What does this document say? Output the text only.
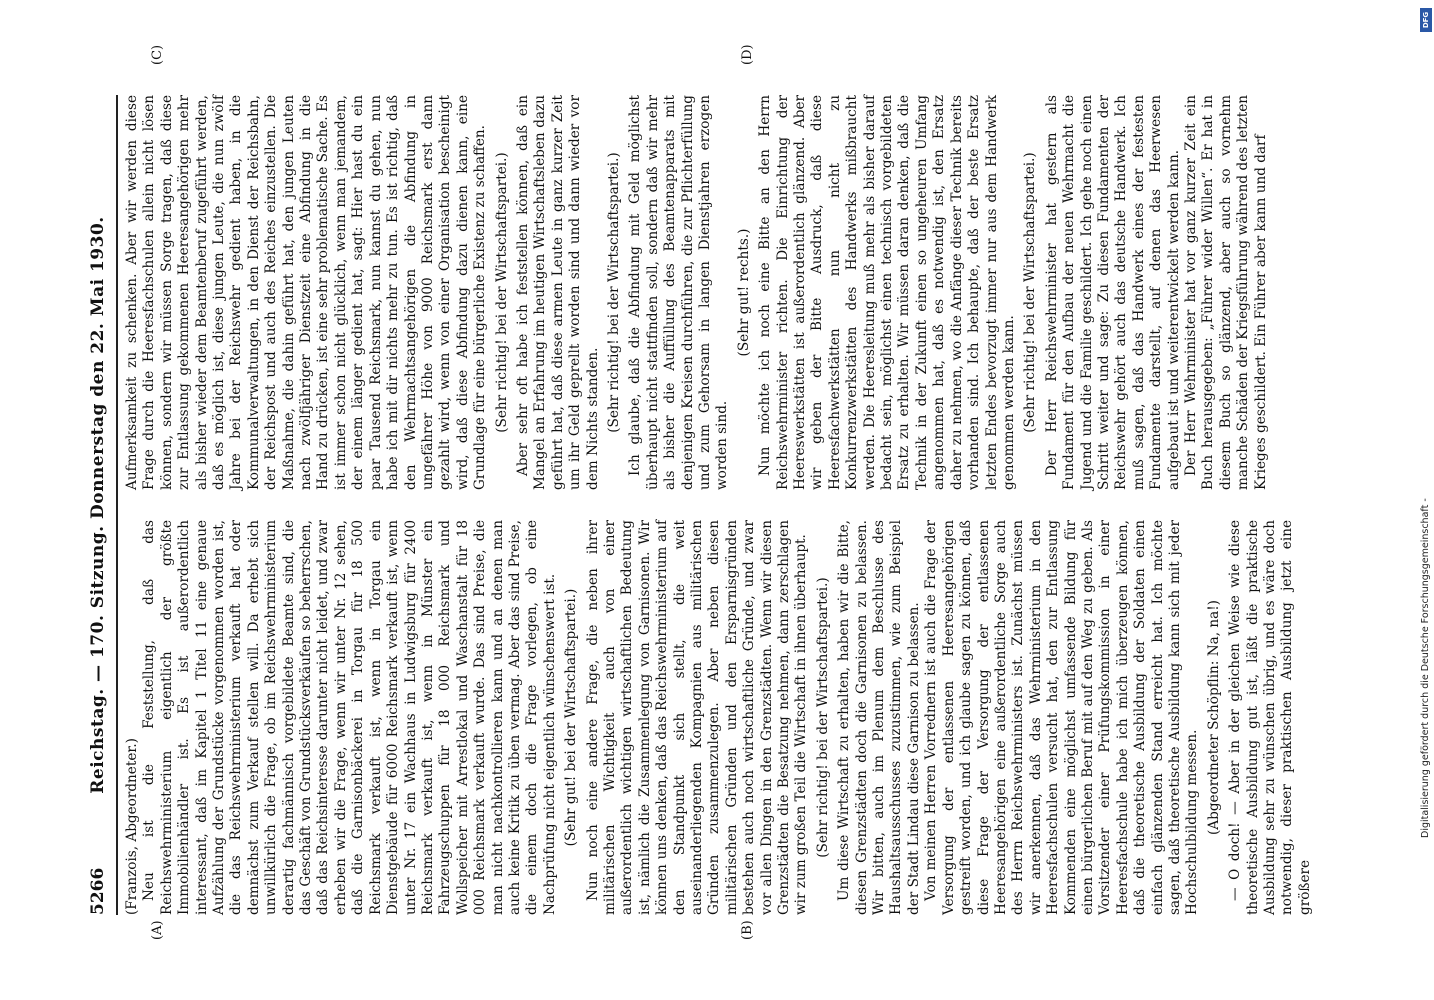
5266
Reichstag. — 170. Sitzung. Donnerstag den 22. Mai 1930.
(A)	(B)
(C)	(D)

(Franzois, Abgeordneter.) Neu ist die Feststellung, daß das Reichswehrministerium eigentlich der größte Immobilienhändler ist. Es ist außerordentlich interessant, daß im Kapitel 1 Titel 11 eine genaue Aufzählung der Grundstücke vorgenommen worden ist, die das Reichswehrministerium verkauft hat oder demnächst zum Verkauf stellen will. Da erhebt sich unwillkürlich die Frage, ob im Reichswehrministerium derartig fachmännisch vorgebildete Beamte sind, die das Geschäft von Grundstücksverkäufen so beherrschen, daß das Reichsinteresse darunter nicht leidet, und zwar erheben wir die Frage, wenn wir unter Nr. 12 sehen, daß die Garnisonbäckerei in Torgau für 18 500 Reichsmark verkauft ist, wenn in Torgau ein Dienstgebäude für 6000 Reichsmark verkauft ist, wenn unter Nr. 17 ein Wachhaus in Ludwigsburg für 2400 Reichsmark verkauft ist, wenn in Münster ein Fahrzeugschuppen für 18 000 Reichsmark und Wollspeicher mit Arrestlokal und Waschanstalt für 18 000 Reichsmark verkauft wurde. Das sind Preise, die man nicht nachkontrollieren kann und an denen man auch keine Kritik zu üben vermag. Aber das sind Preise, die einem doch die Frage vorlegen, ob eine Nachprüfung nicht eigentlich wünschenswert ist. (Sehr gut! bei der Wirtschaftspartei.) Nun noch eine andere Frage, die neben ihrer militärischen Wichtigkeit auch von einer außerordentlich wichtigen wirtschaftlichen Bedeutung ist, nämlich die Zusammenlegung von Garnisonen. Wir können uns denken, daß das Reichswehrministerium auf den Standpunkt sich stellt, die weit auseinanderliegenden Kompagnien aus militärischen Gründen zusammenzulegen. Aber neben diesen militärischen Gründen und den Ersparnisgründen bestehen auch noch wirtschaftliche Gründe, und zwar vor allen Dingen in den Grenzstädten. Wenn wir diesen Grenzstädten die Besatzung nehmen, dann zerschlagen wir zum großen Teil die Wirtschaft in ihnen überhaupt. (Sehr richtig! bei der Wirtschaftspartei.) Um diese Wirtschaft zu erhalten, haben wir die Bitte, diesen Grenzstädten doch die Garnisonen zu belassen. Wir bitten, auch im Plenum dem Beschlusse des Haushaltsausschusses zuzustimmen, wie zum Beispiel der Stadt Lindau diese Garnison zu belassen. Von meinen Herren Vorrednern ist auch die Frage der Versorgung der entlassenen Heeresangehörigen gestreift worden, und ich glaube sagen zu können, daß diese Frage der Versorgung der entlassenen Heeresangehörigen eine außerordentliche Sorge auch des Herrn Reichswehrministers ist. Zunächst müssen wir anerkennen, daß das Wehrministerium in den Heeresfachschulen versucht hat, den zur Entlassung Kommenden eine möglichst umfassende Bildung für einen bürgerlichen Beruf mit auf den Weg zu geben. Als Vorsitzender einer Prüfungskommission in einer Heeresfachschule habe ich mich überzeugen können, daß die theoretische Ausbildung der Soldaten einen einfach glänzenden Stand erreicht hat. Ich möchte sagen, daß theoretische Ausbildung kann sich mit jeder Hochschulbildung messen. (Abgeordneter Schöpflin: Na, na!) — O doch! — Aber in der gleichen Weise wie diese theoretische Ausbildung gut ist, läßt die praktische Ausbildung sehr zu wünschen übrig, und es wäre doch notwendig, dieser praktischen Ausbildung jetzt eine größere

Aufmerksamkeit zu schenken. Aber wir werden diese Frage durch die Heeresfachschulen allein nicht lösen können, sondern wir müssen Sorge tragen, daß diese zur Entlassung gekommenen Heeresangehörigen mehr als bisher wieder dem Beamtenberuf zugeführt werden, daß es möglich ist, diese jungen Leute, die nun zwölf Jahre bei der Reichswehr gedient haben, in die Kommunalverwaltungen, in den Dienst der Reichsbahn, der Reichspost und auch des Reiches einzustellen. Die Maßnahme, die dahin geführt hat, den jungen Leuten nach zwölfjähriger Dienstzeit eine Abfindung in die Hand zu drücken, ist eine sehr problematische Sache. Es ist immer schon nicht glücklich, wenn man jemandem, der einem länger gedient hat, sagt: Hier hast du ein paar Tausend Reichsmark, nun kannst du gehen, nun habe ich mit dir nichts mehr zu tun. Es ist richtig, daß den Wehrmachtsangehörigen die Abfindung in ungefährer Höhe von 9000 Reichsmark erst dann gezahlt wird, wenn von einer Organisation bescheinigt wird, daß diese Abfindung dazu dienen kann, eine Grundlage für eine bürgerliche Existenz zu schaffen. (Sehr richtig! bei der Wirtschaftspartei.) Aber sehr oft habe ich feststellen können, daß ein Mangel an Erfahrung im heutigen Wirtschaftsleben dazu geführt hat, daß diese armen Leute in ganz kurzer Zeit um ihr Geld geprellt worden sind und dann wieder vor dem Nichts standen. (Sehr richtig! bei der Wirtschaftspartei.) Ich glaube, daß die Abfindung mit Geld möglichst überhaupt nicht stattfinden soll, sondern daß wir mehr als bisher die Auffüllung des Beamtenapparats mit denjenigen Kreisen durchführen, die zur Pflichterfüllung und zum Gehorsam in langen Dienstjahren erzogen worden sind.

(Sehr gut! rechts.) Nun möchte ich noch eine Bitte an den Herrn Reichswehrminister richten. Die Einrichtung der Heereswerkstätten ist außerordentlich glänzend. Aber wir geben der Bitte Ausdruck, daß diese Heeresfachwerkstätten nun nicht zu Konkurrenzwerkstätten des Handwerks mißbraucht werden. Die Heeresleitung muß mehr als bisher darauf bedacht sein, möglichst einen technisch vorgebildeten Ersatz zu erhalten. Wir müssen daran denken, daß die Technik in der Zukunft einen so ungeheuren Umfang angenommen hat, daß es notwendig ist, den Ersatz daher zu nehmen, wo die Anfänge dieser Technik bereits vorhanden sind. Ich behaupte, daß der beste Ersatz letzten Endes bevorzugt immer nur aus dem Handwerk genommen werden kann. (Sehr richtig! bei der Wirtschaftspartei.) Der Herr Reichswehrminister hat gestern als Fundament für den Aufbau der neuen Wehrmacht die Jugend und die Familie geschildert. Ich gehe noch einen Schritt weiter und sage: Zu diesen Fundamenten der Reichswehr gehört auch das deutsche Handwerk. Ich muß sagen, daß das Handwerk eines der festesten Fundamente darstellt, auf denen das Heerwesen aufgebaut ist und weiterentwickelt werden kann. Der Herr Wehrminister hat vor ganz kurzer Zeit ein Buch herausgegeben: „Führer wider Willen“. Er hat in diesem Buch so glänzend, aber auch so vornehm manche Schäden der Kriegsführung während des letzten Krieges geschildert. Ein Führer aber kann und darf

DFG
Digitalisierung gefördert durch die Deutsche Forschungsgemeinschaft -
